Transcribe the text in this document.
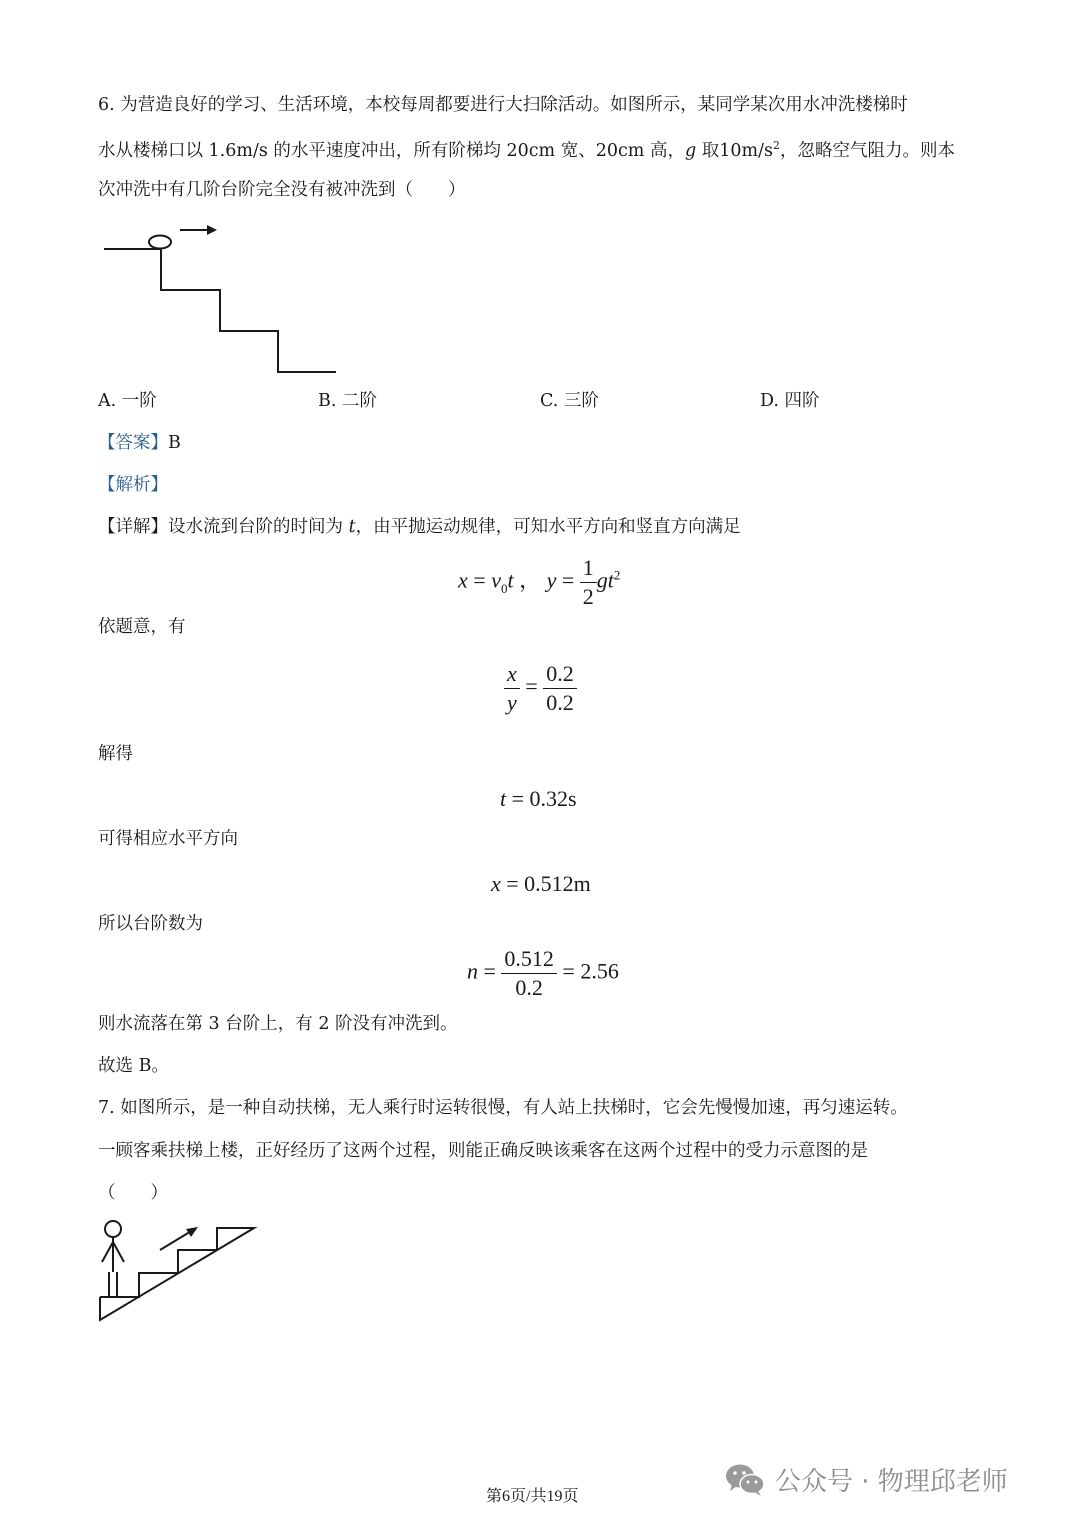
6. 为营造良好的学习、生活环境，本校每周都要进行大扫除活动。如图所示，某同学某次用水冲洗楼梯时
水从楼梯口以 1.6m/s 的水平速度冲出，所有阶梯均 20cm 宽、20cm 高，g 取$10m/s^2$，忽略空气阻力。则本
次冲洗中有几阶台阶完全没有被冲洗到（　　）
A. 一阶	B. 二阶	C. 三阶	D. 四阶
【答案】B
【解析】
【详解】设水流到台阶的时间为 t，由平抛运动规律，可知水平方向和竖直方向满足
$x = v_0t$ ， $y = \frac{1}{2} gt^2$
依题意，有
$\frac{x}{y} = \frac{0.2}{0.2}$
解得
t = 0.32s
可得相应水平方向
x = 0.512m
所以台阶数为
$n = \frac{0.512}{0.2} = 2.56$
则水流落在第 3 台阶上，有 2 阶没有冲洗到。
故选 B。
7. 如图所示，是一种自动扶梯，无人乘行时运转很慢，有人站上扶梯时，它会先慢慢加速，再匀速运转。
一顾客乘扶梯上楼，正好经历了这两个过程，则能正确反映该乘客在这两个过程中的受力示意图的是
（　　）
第6页/共19页	公众号 · 物理邱老师
